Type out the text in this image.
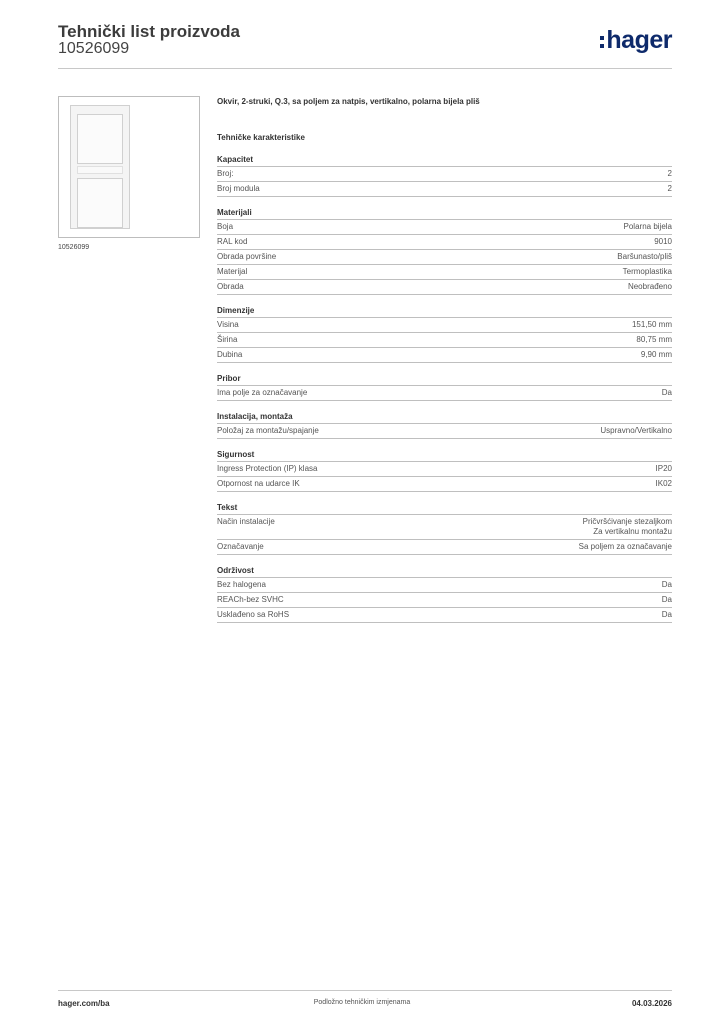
Tehnički list proizvoda
10526099	hager
10526099
Okvir, 2-struki, Q.3, sa poljem za natpis, vertikalno, polarna bijela pliš
Tehničke karakteristike
Kapacitet
Broj:	2
Broj modula	2
Materijali
Boja	Polarna bijela
RAL kod	9010
Obrada površine	Baršunasto/pliš
Materijal	Termoplastika
Obrada	Neobrađeno
Dimenzije
Visina	151,50 mm
Širina	80,75 mm
Dubina	9,90 mm
Pribor
Ima polje za označavanje	Da
Instalacija, montaža
Položaj za montažu/spajanje	Uspravno/Vertikalno
Sigurnost
Ingress Protection (IP) klasa	IP20
Otpornost na udarce IK	IK02
Tekst
Način instalacije	Pričvršćivanje stezaljkom
Za vertikalnu montažu
Označavanje	Sa poljem za označavanje
Održivost
Bez halogena	Da
REACh-bez SVHC	Da
Usklađeno sa RoHS	Da
hager.com/ba	Podložno tehničkim izmjenama	04.03.2026
